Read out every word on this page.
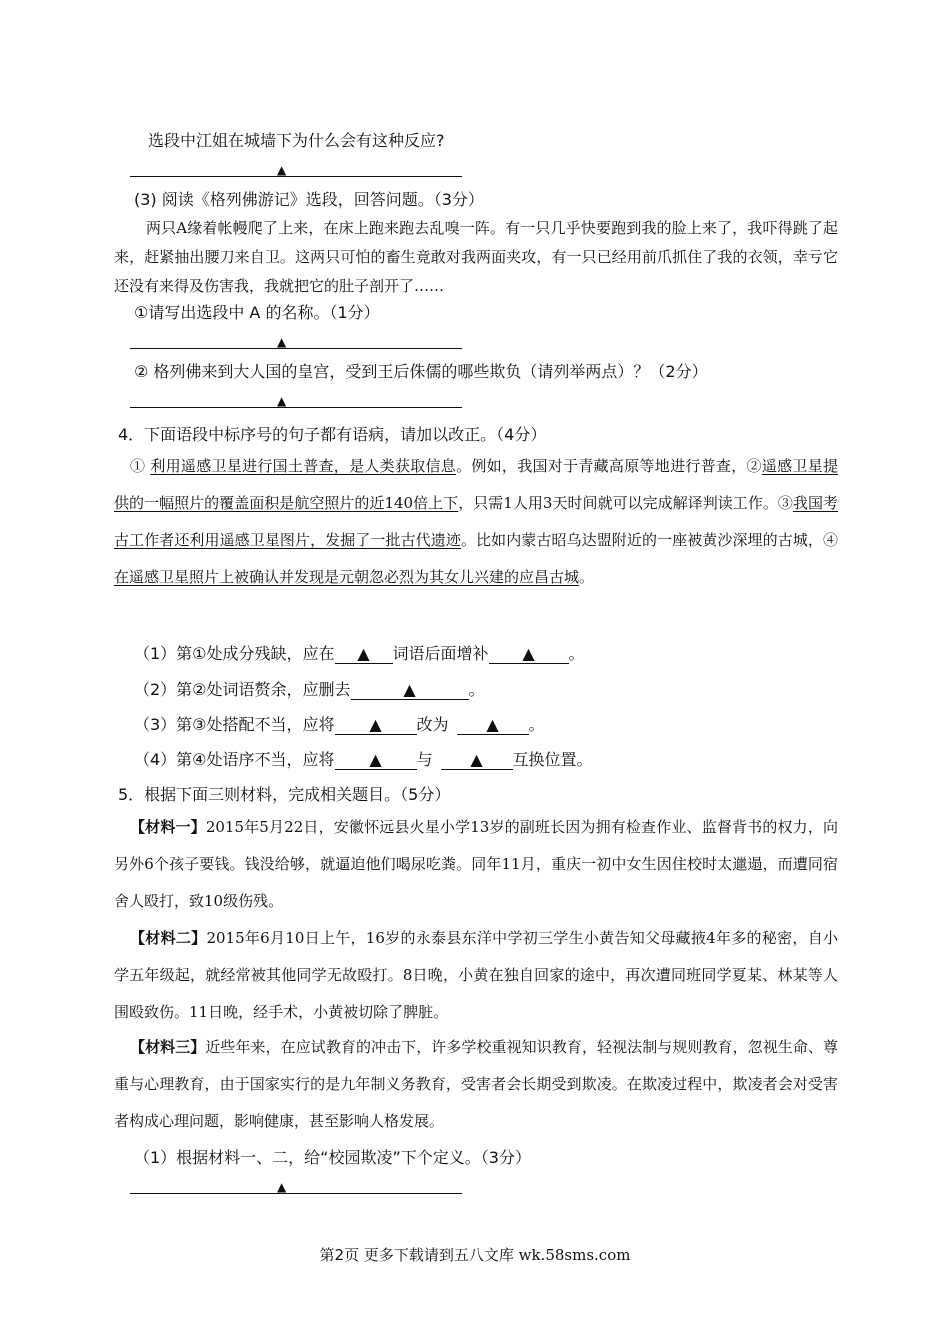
选段中江姐在城墙下为什么会有这种反应?
▲
(3) 阅读《格列佛游记》选段，回答问题。（3分）
两只A缘着帐幔爬了上来，在床上跑来跑去乱嗅一阵。有一只几乎快要跑到我的脸上来了，我吓得跳了起来，赶紧抽出腰刀来自卫。这两只可怕的畜生竟敢对我两面夹攻，有一只已经用前爪抓住了我的衣领，幸亏它还没有来得及伤害我，我就把它的肚子剖开了……
①请写出选段中 A 的名称。（1分）
▲
② 格列佛来到大人国的皇宫，受到王后侏儒的哪些欺负（请列举两点）？（2分）
▲
4．下面语段中标序号的句子都有语病，请加以改正。（4分）
① 利用遥感卫星进行国土普查，是人类获取信息。例如，我国对于青藏高原等地进行普查，②遥感卫星提供的一幅照片的覆盖面积是航空照片的近140倍上下，只需1人用3天时间就可以完成解译判读工作。③我国考古工作者还利用遥感卫星图片，发掘了一批古代遗迹。比如内蒙古昭乌达盟附近的一座被黄沙深埋的古城，④在遥感卫星照片上被确认并发现是元朝忽必烈为其女儿兴建的应昌古城。
（1）第①处成分残缺，应在 ▲ 词语后面增补 ▲ 。
（2）第②处词语赘余，应删去	▲	。
（3）第③处搭配不当，应将 ▲ 改为 ▲ 。
（4）第④处语序不当，应将 ▲ 与 ▲ 互换位置。
5．根据下面三则材料，完成相关题目。（5分）
【材料一】2015年5月22日，安徽怀远县火星小学13岁的副班长因为拥有检查作业、监督背书的权力，向另外6个孩子要钱。钱没给够，就逼迫他们喝尿吃粪。同年11月，重庆一初中女生因住校时太邋遢，而遭同宿舍人殴打，致10级伤残。
【材料二】2015年6月10日上午，16岁的永泰县东洋中学初三学生小黄告知父母藏掖4年多的秘密，自小学五年级起，就经常被其他同学无故殴打。8日晚，小黄在独自回家的途中，再次遭同班同学夏某、林某等人围殴致伤。11日晚，经手术，小黄被切除了脾脏。
【材料三】近些年来，在应试教育的冲击下，许多学校重视知识教育，轻视法制与规则教育，忽视生命、尊重与心理教育，由于国家实行的是九年制义务教育，受害者会长期受到欺凌。在欺凌过程中，欺凌者会对受害者构成心理问题，影响健康，甚至影响人格发展。
（1）根据材料一、二，给“校园欺凌”下个定义。（3分）
▲
第2页 更多下载请到五八文库 wk.58sms.com
